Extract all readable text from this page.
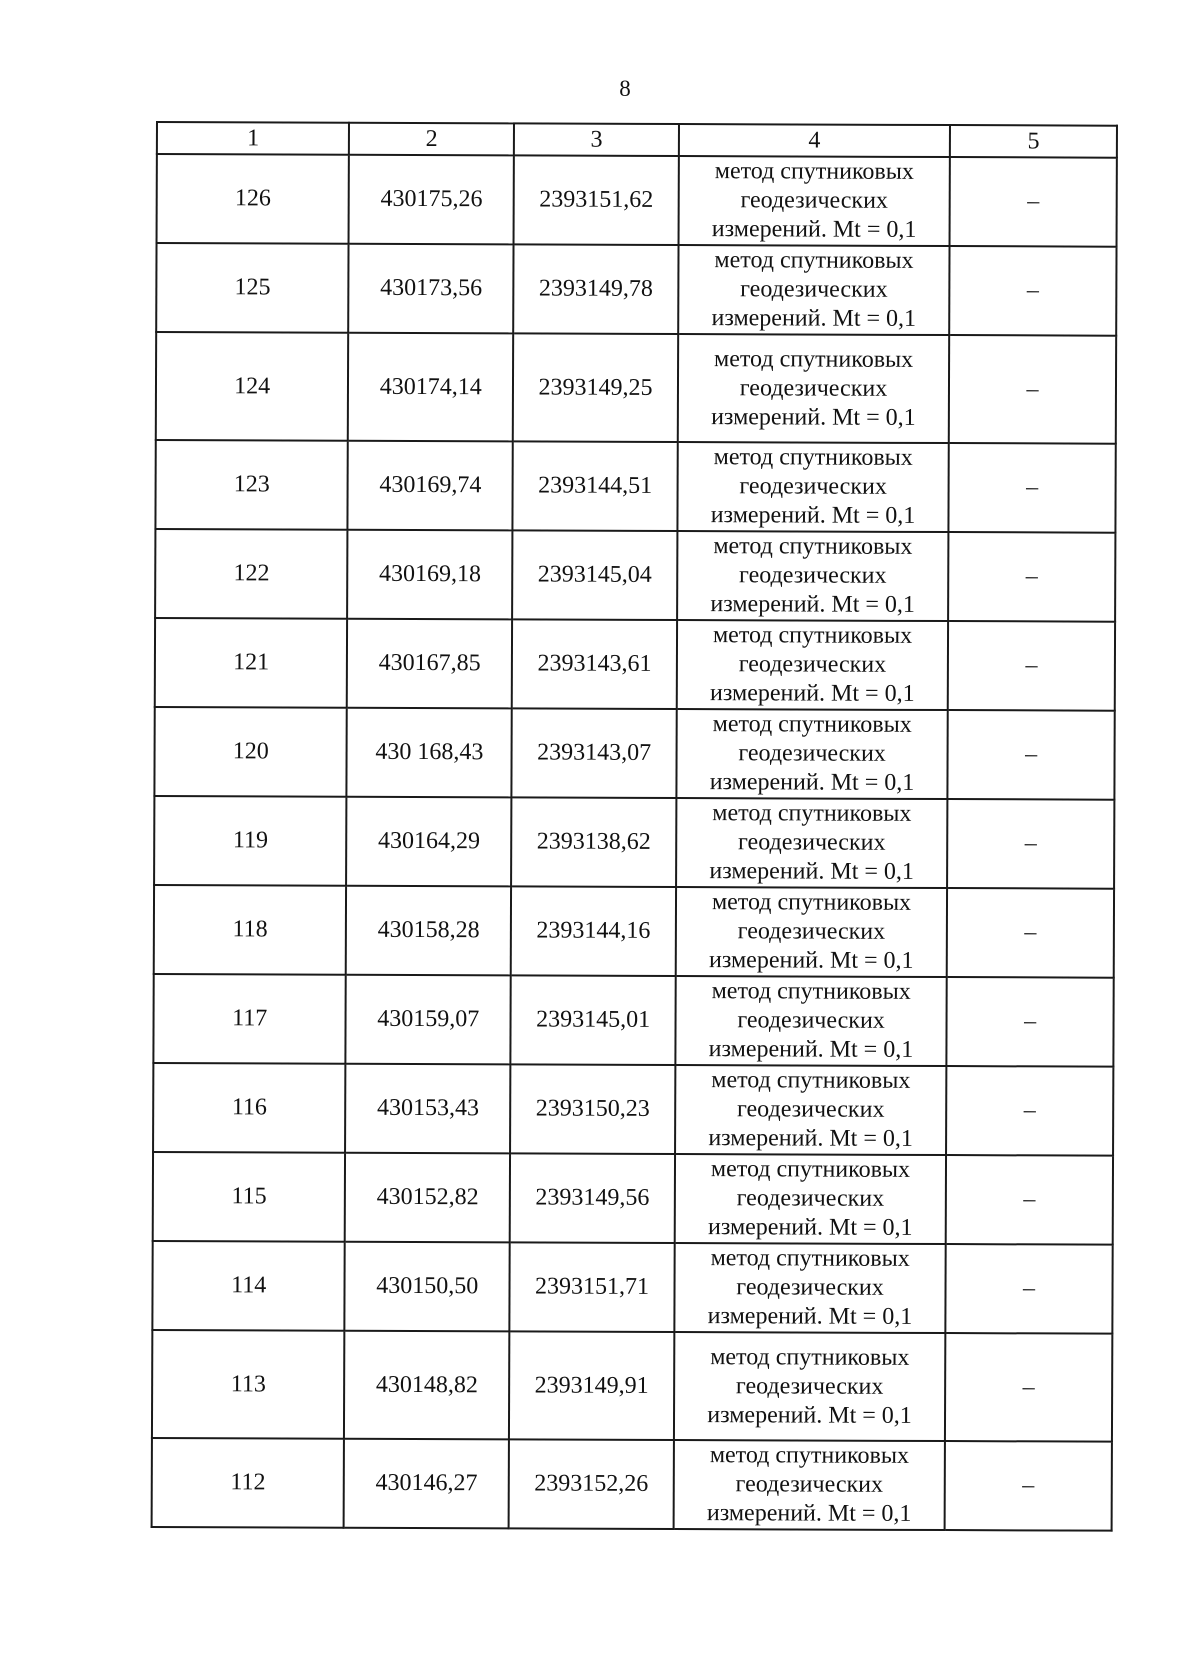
8
1	2	3	4	5
126	430175,26	2393151,62	метод спутниковых
геодезических
измерений. Mt = 0,1	–
125	430173,56	2393149,78	метод спутниковых
геодезических
измерений. Mt = 0,1	–
124	430174,14	2393149,25	метод спутниковых
геодезических
измерений. Mt = 0,1	–
123	430169,74	2393144,51	метод спутниковых
геодезических
измерений. Mt = 0,1	–
122	430169,18	2393145,04	метод спутниковых
геодезических
измерений. Mt = 0,1	–
121	430167,85	2393143,61	метод спутниковых
геодезических
измерений. Mt = 0,1	–
120	430 168,43	2393143,07	метод спутниковых
геодезических
измерений. Mt = 0,1	–
119	430164,29	2393138,62	метод спутниковых
геодезических
измерений. Mt = 0,1	–
118	430158,28	2393144,16	метод спутниковых
геодезических
измерений. Mt = 0,1	–
117	430159,07	2393145,01	метод спутниковых
геодезических
измерений. Mt = 0,1	–
116	430153,43	2393150,23	метод спутниковых
геодезических
измерений. Mt = 0,1	–
115	430152,82	2393149,56	метод спутниковых
геодезических
измерений. Mt = 0,1	–
114	430150,50	2393151,71	метод спутниковых
геодезических
измерений. Mt = 0,1	–
113	430148,82	2393149,91	метод спутниковых
геодезических
измерений. Mt = 0,1	–
112	430146,27	2393152,26	метод спутниковых
геодезических
измерений. Mt = 0,1	–
